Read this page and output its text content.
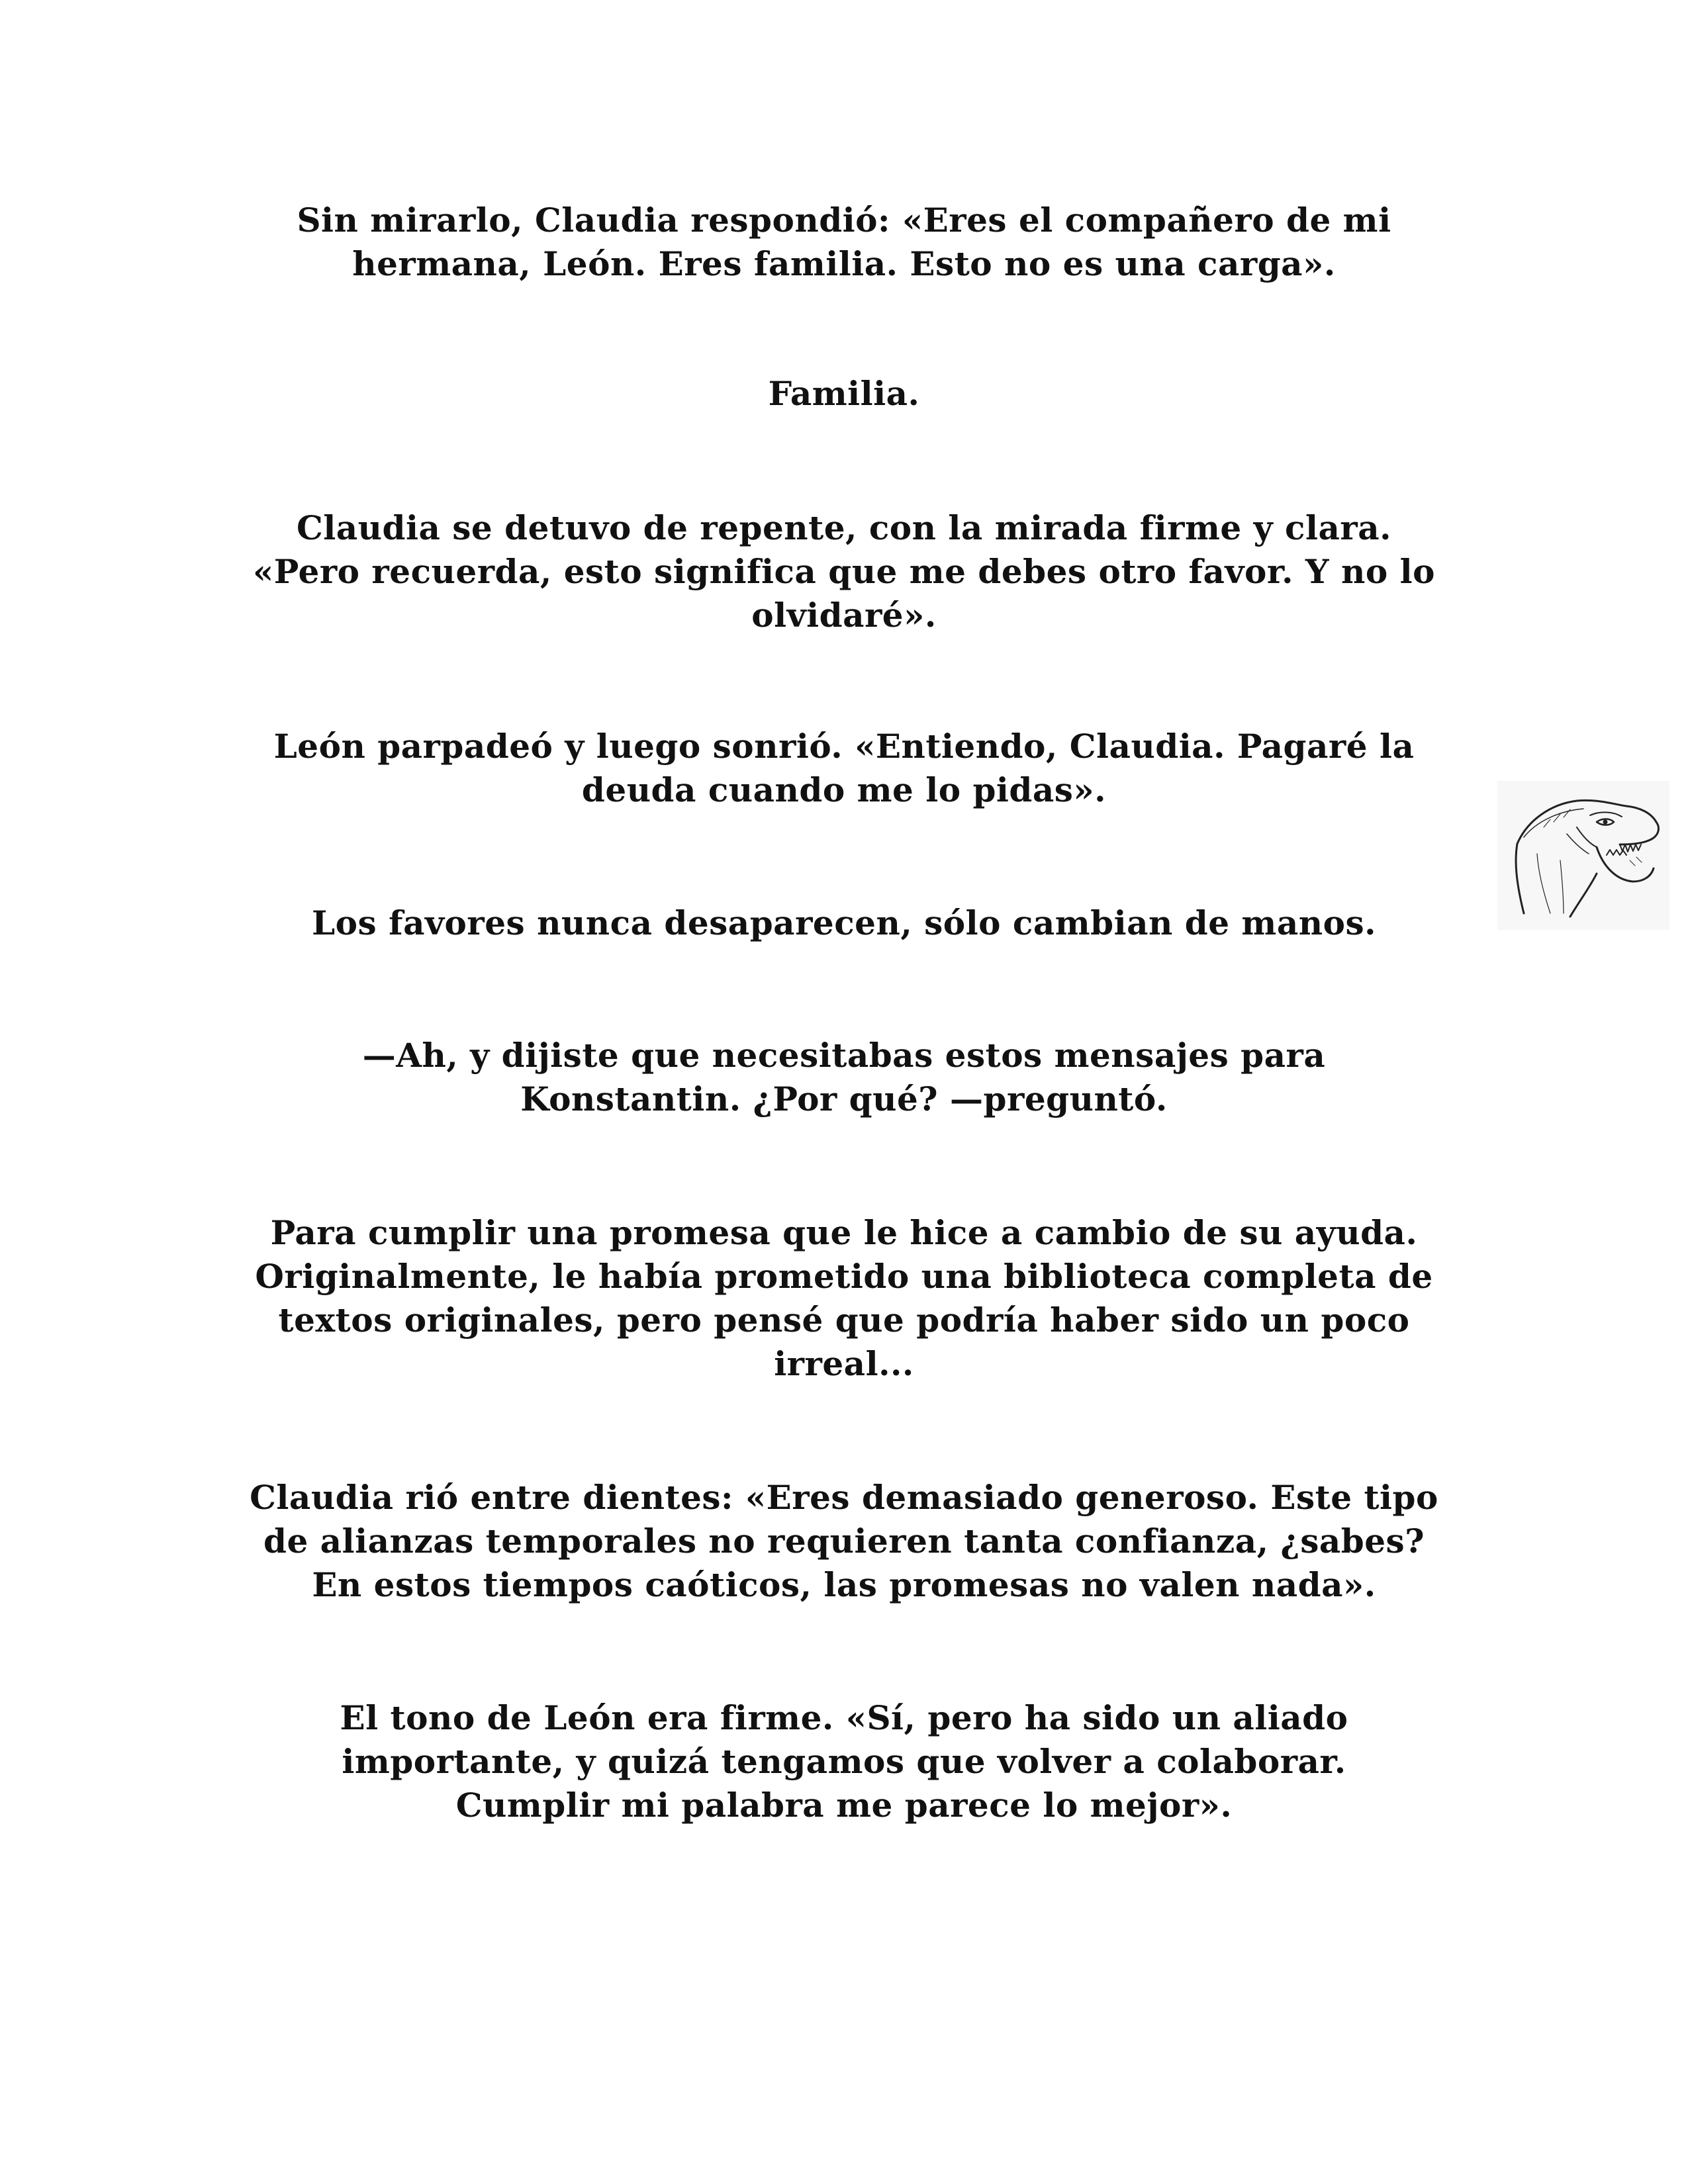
Sin mirarlo, Claudia respondió: «Eres el compañero de mi
hermana, León. Eres familia. Esto no es una carga».

Familia.

Claudia se detuvo de repente, con la mirada firme y clara.
«Pero recuerda, esto significa que me debes otro favor. Y no lo
olvidaré».

León parpadeó y luego sonrió. «Entiendo, Claudia. Pagaré la
deuda cuando me lo pidas».

Los favores nunca desaparecen, sólo cambian de manos.

—Ah, y dijiste que necesitabas estos mensajes para
Konstantin. ¿Por qué? —preguntó.

Para cumplir una promesa que le hice a cambio de su ayuda.
Originalmente, le había prometido una biblioteca completa de
textos originales, pero pensé que podría haber sido un poco
irreal...

Claudia rió entre dientes: «Eres demasiado generoso. Este tipo
de alianzas temporales no requieren tanta confianza, ¿sabes?
En estos tiempos caóticos, las promesas no valen nada».

El tono de León era firme. «Sí, pero ha sido un aliado
importante, y quizá tengamos que volver a colaborar.
Cumplir mi palabra me parece lo mejor».
